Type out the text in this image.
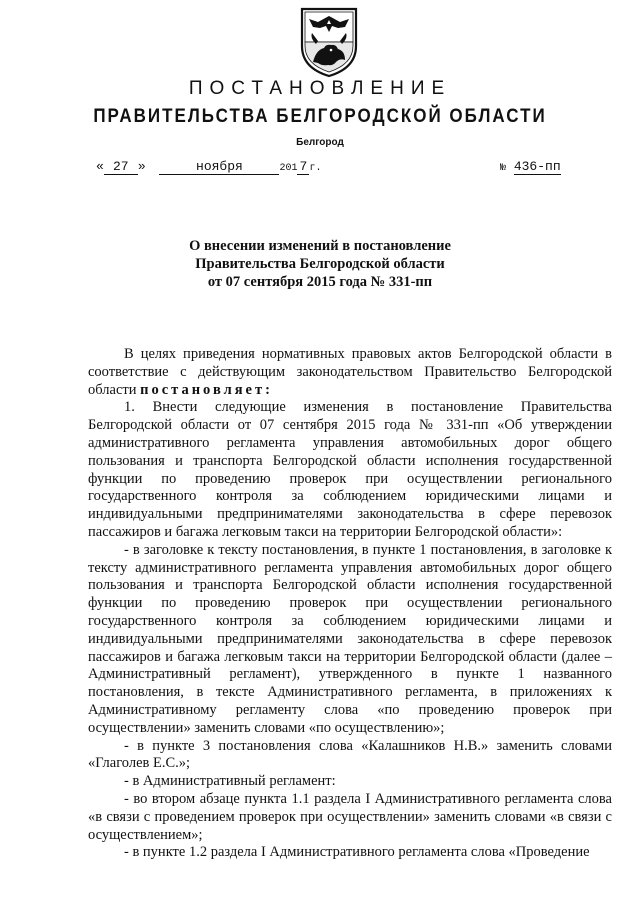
ПОСТАНОВЛЕНИЕ
ПРАВИТЕЛЬСТВА БЕЛГОРОДСКОЙ ОБЛАСТИ
Белгород
« 27 »	ноября	201 7 г.	№ 436-пп
О внесении изменений в постановление
Правительства Белгородской области
от 07 сентября 2015 года № 331-пп

В целях приведения нормативных правовых актов Белгородской области в соответствие с действующим законодательством Правительство Белгородской области постановляет:

1. Внести следующие изменения в постановление Правительства Белгородской области от 07 сентября 2015 года № 331-пп «Об утверждении административного регламента управления автомобильных дорог общего пользования и транспорта Белгородской области исполнения государственной функции по проведению проверок при осуществлении регионального государственного контроля за соблюдением юридическими лицами и индивидуальными предпринимателями законодательства в сфере перевозок пассажиров и багажа легковым такси на территории Белгородской области»:

- в заголовке к тексту постановления, в пункте 1 постановления, в заголовке к тексту административного регламента управления автомобильных дорог общего пользования и транспорта Белгородской области исполнения государственной функции по проведению проверок при осуществлении регионального государственного контроля за соблюдением юридическими лицами и индивидуальными предпринимателями законодательства в сфере перевозок пассажиров и багажа легковым такси на территории Белгородской области (далее – Административный регламент), утвержденного в пункте 1 названного постановления, в тексте Административного регламента, в приложениях к Административному регламенту слова «по проведению проверок при осуществлении» заменить словами «по осуществлению»;

- в пункте 3 постановления слова «Калашников Н.В.» заменить словами «Глаголев Е.С.»;

- в Административный регламент:

- во втором абзаце пункта 1.1 раздела I Административного регламента слова «в связи с проведением проверок при осуществлении» заменить словами «в связи с осуществлением»;

- в пункте 1.2 раздела I Административного регламента слова «Проведение
